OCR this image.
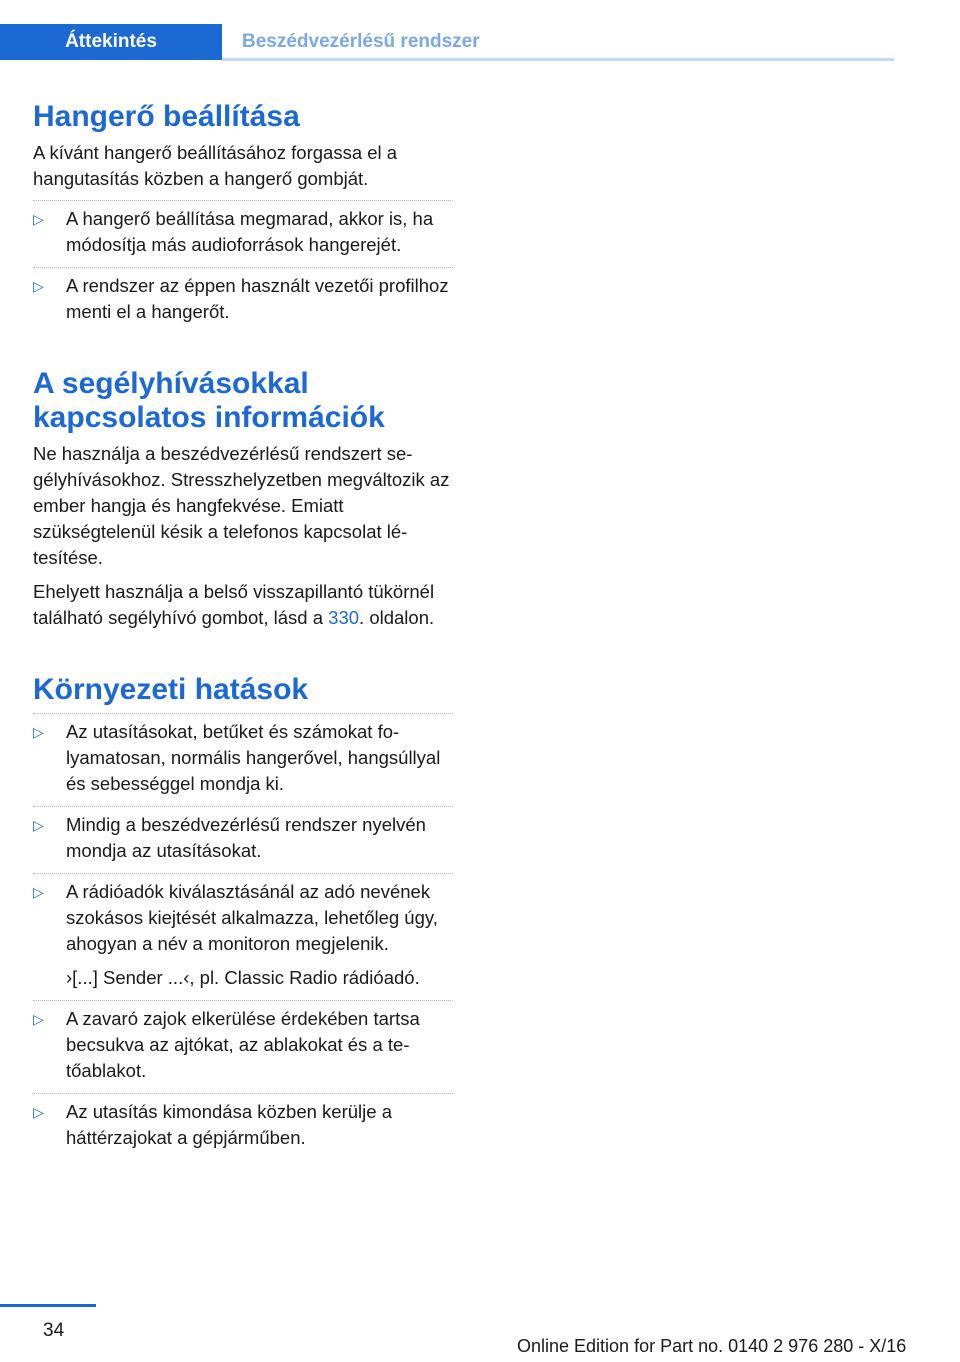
Áttekintés	Beszédvezérlésű rendszer
Hangerő beállítása

A kívánt hangerő beállításához forgassa el a hangutasítás közben a hangerő gombját.

▷ A hangerő beállítása megmarad, akkor is, ha módosítja más audioforrások hangerejét.
▷ A rendszer az éppen használt vezetői profilhoz menti el a hangerőt.
A segélyhívásokkal kapcsolatos információk

Ne használja a beszédvezérlésű rendszert segélyhívásokhoz. Stresszhelyzetben megváltozik az ember hangja és hangfekvése. Emiatt szükségtelenül késik a telefonos kapcsolat létesítése.

Ehelyett használja a belső visszapillantó tükörnél található segélyhívó gombot, lásd a 330. oldalon.

Környezeti hatások
▷ Az utasításokat, betűket és számokat folyamatosan, normális hangerővel, hangsúllyal és sebességgel mondja ki.
▷ Mindig a beszédvezérlésű rendszer nyelvén mondja az utasításokat.
▷ A rádióadók kiválasztásánál az adó nevének szokásos kiejtését alkalmazza, lehetőleg úgy, ahogyan a név a monitoron megjelenik.
›[...] Sender ...‹, pl. Classic Radio rádióadó.
▷ A zavaró zajok elkerülése érdekében tartsa becsukva az ajtókat, az ablakokat és a tetőablakot.
▷ Az utasítás kimondása közben kerülje a háttérzajokat a gépjárműben.
34
Online Edition for Part no. 0140 2 976 280 - X/16
